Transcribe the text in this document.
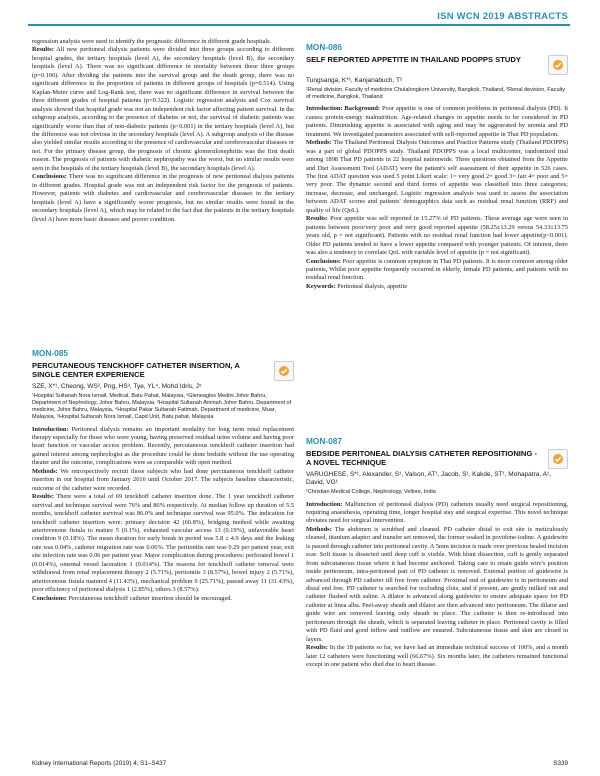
ISN WCN 2019 ABSTRACTS

regression analysis were used to identify the prognostic difference in different grade hospitals.

Results: All new peritoneal dialysis patients were divided into three groups according to different hospital grades, the tertiary hospitals (level A), the secondary hospitals (level B), the secondary hospitals (level A). There was no significant difference in mortality between these three groups (p=0.100). After dividing the patients into the survival group and the death group, there was no significant difference in the proportion of patients in different groups of hospitals (p=0.514). Using Kaplan-Meier curve and Log-Rank test, there was no significant difference in survival between the three different grades of hospital patients (p=0.322). Logistic regression analysis and Cox survival analysis showed that hospital grade was not an independent risk factor affecting patient survival. In the subgroup analysis, according to the presence of diabetes or not, the survival of diabetic patients was significantly worse than that of non-diabetic patients (p<0.001) in the tertiary hospitals (level A), but the difference was not obvious in the secondary hospitals (level A). A subgroup analysis of the disease also yielded similar results according to the presence of cardiovascular and cerebrovascular diseases or not. For the primary disease group, the prognosis of chronic glomerulonephritis was the first death reason. The prognosis of patients with diabetic nephropathy was the worst, but no similar results were seen in the hospitals of the tertiary hospitals (level B), the secondary hospitals (level A).

Conclusions: There was no significant difference in the prognosis of new peritoneal dialysis patients in different grades. Hospital grade was not an independent risk factor for the prognosis of patients. However, patients with diabetes and cardiovascular and cerebrovascular diseases in the tertiary hospitals (level A) have a significantly worse prognosis, but no similar results were found in the secondary hospitals (level A), which may be related to the fact that the patients in the tertiary hospitals (level A) have more basic diseases and poorer condition.

MON-085
PERCUTANEOUS TENCKHOFF CATHETER INSERTION, A SINGLE CENTER EXPERIENCE
SZE, X*¹, Cheong, WS², Png, HS³, Tye, YL⁴, Mohd Idris, J⁵
¹Hospital Sultanah Nora Ismail, Medical, Batu Pahat, Malaysia, ²Gleneagles Medini Johor Bahru, Department of Nephrology, Johor Bahru, Malaysia, ³Hospital Sultanah Aminah Johor Bahru, Department of medicine, Johor Bahru, Malaysia, ⁴Hospital Pakar Sultanah Fatimah, Department of medicine, Muar, Malaysia, ⁵Hospital Sultanah Nora Ismail, Capd Unit, Batu pahat, Malaysia

Introduction: Peritoneal dialysis remains an important modality for long term renal replacement therapy especially for those who were young, having preserved residual urine volume and having poor heart function or vascular access problem. Recently, percutaneous tenckhoff catheter insertion had gained interest among nephrologist as the procedure could be done bedside without the use operating theater and the outcome, complications were as comparable with open method.

Methods: We retrospectively recruit those subjects who had done percutaneous tenckhoff catheter insertion in our hospital from January 2016 until October 2017. The subjects baseline characteristic, outcome of the catheter were recorded.

Results: There were a total of 69 tenckhoff catheter insertion done. The 1 year tenckhoff catheter survival and technique survival were 76% and 86% respectively. At median follow up duration of 5.5 months, tenckhoff catheter survival was 86.0% and technique survival was 95.0%. The indication for tenckhoff catheter insertion were: primary decision 42 (60.8%), bridging method while awaiting arteriovenous fistula to mature 5 (0.1%), exhausted vascular access 13 (0.19%), unfavorable heart condition 9 (0.18%). The mean duration for early break in period was 5.8 ± 4.9 days and the leaking rate was 0.04%, catheter migration rate was 0.06%. The peritonitis rate was 0.29 per patient year, exit site infection rate was 0.06 per patient year. Major complication during procedures: perforated bowel 1 (0.014%), omental vessel laceration 1 (0.014%). The reasons for tenckhoff catheter removal were withdrawal from renal replacement therapy 2 (5.71%), peritonitis 3 (8.57%), bowel injury 2 (5.71%), arteriovenous fistula matured 4 (11.43%), mechanical problem 9 (25.71%), passed away 11 (31.43%), poor efficiency of peritoneal dialysis 1 (2.85%), others 3 (8.57%).

Conclusions: Percutaneous tenckhoff catheter insertion should be encouraged.

MON-086
SELF REPORTED APPETITE IN THAILAND PDOPPS STUDY
Tungsanga, K*¹, Kanjanabuch, T²
¹Renal division, Faculty of medicine Chulalongkorn University, Bangkok, Thailand, ²Renal devision, Faculty of medicine, Bangkok, Thailand

Introduction: Background: Poor appetite is one of common problems in peritoneal dialysis (PD). It causes protein-energy malnutrition. Age-related changes in appetite needs to be considered in PD patients. Diminishing appetite is associated with aging and may be aggravated by uremia and PD treatment. We investigated parameters associated with self-reported appetite in Thai PD population.

Methods: The Thailand Peritoneal Dialysis Outcomes and Practice Patterns study (Thailand PDOPPS) was a part of global PDOPPS study. Thailand PDOPPS was a local multicenter, randomized trial among 1898 Thai PD patients in 22 hospital nationwide. Three questions obtained from the Appetite and Diet Assessment Tool (ADAT) were the patient's self assessment of their appetite in 526 cases. The first ADAT question was used 5 point Likert scale: 1= very good 2= good 3= fair 4= poor and 5= very poor. The dynamic second and third forms of appetite was classified into three categories; increase, decrease, and unchanged. Logistic regression analysis was used to assess the association between ADAT scores and patients' demographics data such as residual renal function (RRF) and quality of life (QoL).

Results: Poor appetite was self reported in 15.27% of PD patients. These average age were seen in patients between poor/very poor and very good reported appetite (58.25±13.29 versus 54.33±13.75 years old, p = not significant). Patients with no residual renal function had lower appetite(p<0.001). Older PD patients tended to have a lower appetite compared with younger patients. Of interest, there was also a tendency to correlate QoL with variable level of appetite (p = not significant).

Conclusions: Poor appetite is common symptom in Thai PD patients. It is more common among older patients, Whilst poor appetite frequently occurred in elderly, female PD patients, and patients with no residual renal function.

Keywords: Peritoneal dialysis, appetite

MON-087
BEDSIDE PERITONEAL DIALYSIS CATHETER REPOSITIONING - A NOVEL TECHNIQUE
VARUGHESE, S*¹, Alexander, S¹, Valson, AT¹, Jacob, S¹, Kakde, ST¹, Mohapatra, A¹, David, VG¹
¹Christian Medical College, Nephrology, Vellore, India

Introduction: Malfunction of peritoneal dialysis (PD) catheters usually need surgical repositioning, requiring anaesthesia, operating time, longer hospital stay and surgical expertise. This novel technique obviates need for surgical intervention.

Methods: The abdomen is scrubbed and cleaned. PD catheter distal to exit site is meticulously cleaned, titanium adaptor and transfer set removed, the former soaked in povidone-iodine. A guidewire is passed through catheter into peritoneal cavity. A 5mm incision is made over previous healed incision scar. Soft tissue is dissected until deep cuff is visible. With blunt dissection, cuff is gently separated from subcutaneous tissue where it had become anchored. Taking care to retain guide wire's position inside peritoneum, intra-peritoneal part of PD catheter is removed. External portion of guidewire is advanced through PD catheter till free from catheter. Proximal end of guidewire is in peritoneum and distal end free. PD catheter is searched for occluding clots, and if present, are gently milked out and catheter flushed with saline. A dilator is advanced along guidewire to ensure adequate space for PD catheter at linea alba. Peel-away sheath and dilator are then advanced into peritoneum. The dilator and guide wire are removed leaving only sheath in place. The catheter is then re-introduced into peritoneum through the sheath, which is separated leaving catheter in place. Peritoneal cavity is filled with PD fluid and good inflow and outflow are ensured. Subcutaneous tissue and skin are closed in layers.

Results: In the 18 patients so far, we have had an immediate technical success of 100%, and a month later 12 catheters were functioning well (66.67%). Six months later, the catheters remained functional except in one patient who died due to heart disease.

Kidney International Reports (2019) 4, S1–S437	S339
